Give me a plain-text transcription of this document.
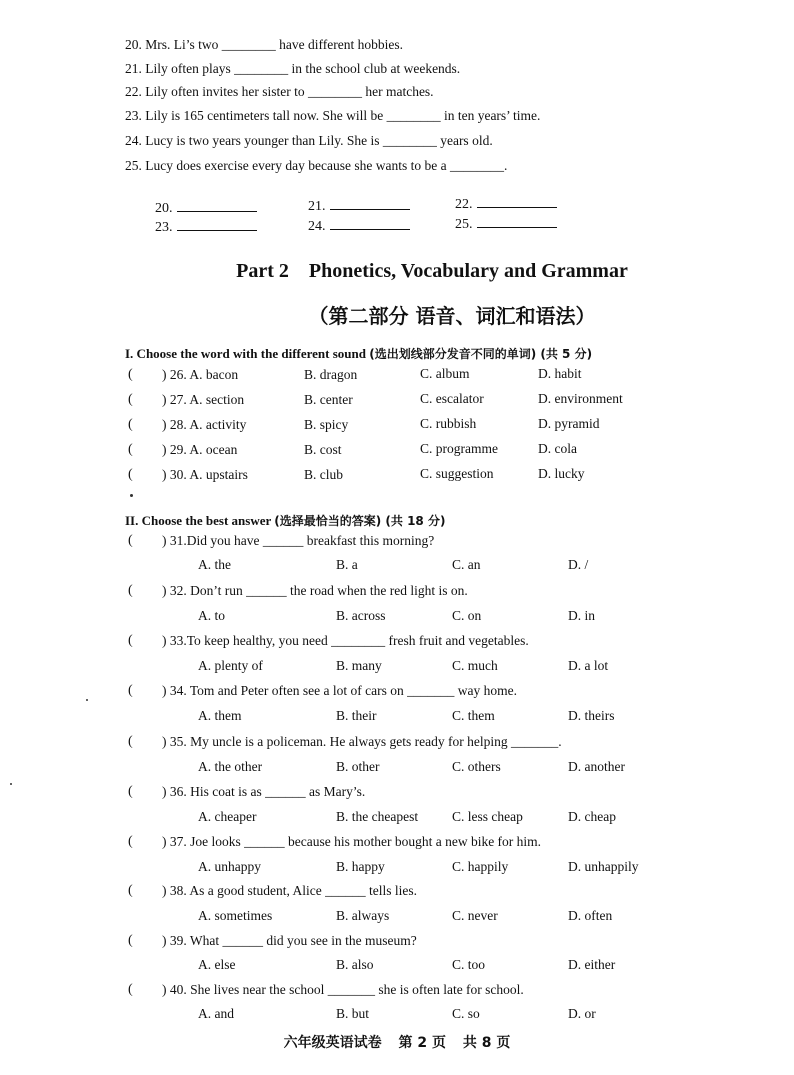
20. Mrs. Li’s two ________ have different hobbies.
21. Lily often plays ________ in the school club at weekends.
22. Lily often invites her sister to ________ her matches.
23. Lily is 165 centimeters tall now. She will be ________ in ten years’ time.
24. Lucy is two years younger than Lily. She is ________ years old.
25. Lucy does exercise every day because she wants to be a ________.
20.	21.	22.
23.	24.	25.
Part 2    Phonetics, Vocabulary and Grammar
（第二部分 语音、词汇和语法）
I. Choose the word with the different sound (选出划线部分发音不同的单词) (共 5 分)
II. Choose the best answer (选择最恰当的答案) (共 18 分)
( ) 26. A. bacon	B. dragon	C. album	D. habit
( ) 27. A. section	B. center	C. escalator	D. environment
( ) 28. A. activity	B. spicy	C. rubbish	D. pyramid
( ) 29. A. ocean	B. cost	C. programme	D. cola
( ) 30. A. upstairs	B. club	C. suggestion	D. lucky
( ) 31.Did you have ______ breakfast this morning?
A. the	B. a	C. an	D. /
( ) 32. Don’t run ______ the road when the red light is on.
A. to	B. across	C. on	D. in
( ) 33.To keep healthy, you need ________ fresh fruit and vegetables.
A. plenty of	B. many	C. much	D. a lot
( ) 34. Tom and Peter often see a lot of cars on _______ way home.
A. them	B. their	C. them	D. theirs
( ) 35. My uncle is a policeman. He always gets ready for helping _______.
A. the other	B. other	C. others	D. another
( ) 36. His coat is as ______ as Mary’s.
A. cheaper	B. the cheapest	C. less cheap	D. cheap
( ) 37. Joe looks ______ because his mother bought a new bike for him.
A. unhappy	B. happy	C. happily	D. unhappily
( ) 38. As a good student, Alice ______ tells lies.
A. sometimes	B. always	C. never	D. often
( ) 39. What ______ did you see in the museum?
A. else	B. also	C. too	D. either
( ) 40. She lives near the school _______ she is often late for school.
A. and	B. but	C. so	D. or
六年级英语试卷 第 2 页 共 8 页
